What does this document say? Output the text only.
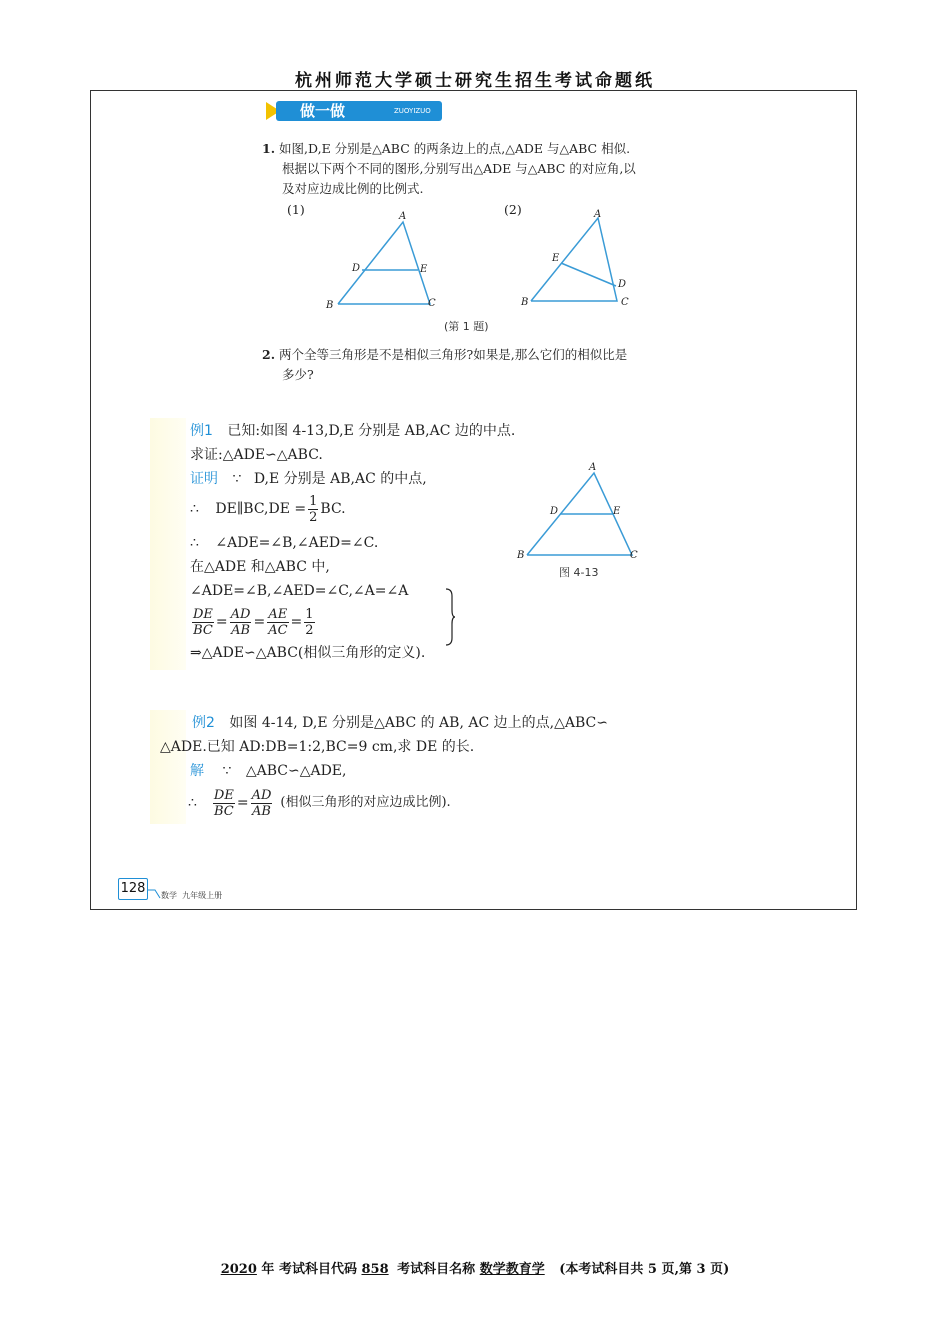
杭州师范大学硕士研究生招生考试命题纸
做一做	ZUOYIZUO
1. 如图,D,E 分别是△ABC 的两条边上的点,△ADE 与△ABC 相似.
根据以下两个不同的图形,分别写出△ADE 与△ABC 的对应角,以
及对应边成比例的比例式.
(1)	(2)
A
B	C
D	E
A
B	C
D
E
(第 1 题)
2. 两个全等三角形是不是相似三角形?如果是,那么它们的相似比是
多少?
例1 已知:如图 4-13,D,E 分别是 AB,AC 边的中点.
求证:△ADE∽△ABC.
证明 ∵ D,E 分别是 AB,AC 的中点,
∴ DE∥BC,DE = $\frac{1}{2}$ BC.
∴ ∠ADE=∠B,∠AED=∠C.
在△ADE 和△ABC 中,
∠ADE=∠B,∠AED=∠C,∠A=∠A
$\frac{DE}{BC} = \frac{AD}{AB} = \frac{AE}{AC} = \frac{1}{2}$
⇒△ADE∽△ABC(相似三角形的定义).
A
B	C
D	E
图 4-13
例2 如图 4-14, D,E 分别是△ABC 的 AB, AC 边上的点,△ABC∽
△ADE.已知 AD:DB=1:2,BC=9 cm,求 DE 的长.
解 ∵ △ABC∽△ADE,
∴ $\frac{DE}{BC} = \frac{AD}{AB}$ (相似三角形的对应边成比例).
128	数学  九年级上册
2020 年 考试科目代码 858 考试科目名称 数学教育学 (本考试科目共 5 页,第 3 页)
